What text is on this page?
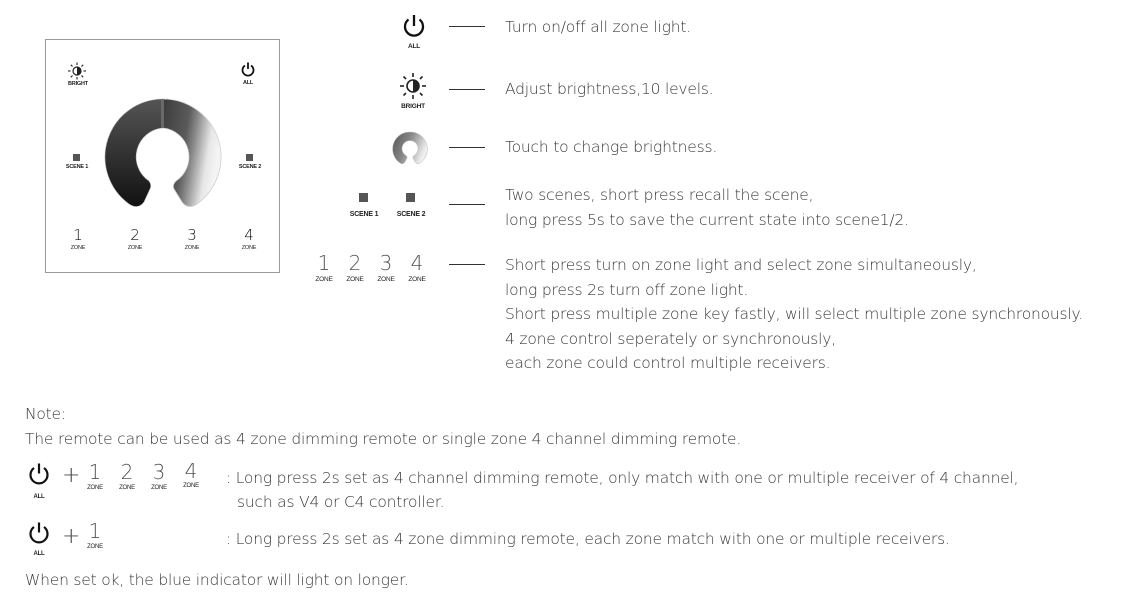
BRIGHT	ALL
SCENE 1	SCENE 2
1
ZONE
2
ZONE
3
ZONE
4
ZONE
ALL
Turn on/off all zone light.
BRIGHT
Adjust brightness,10 levels.
Touch to change brightness.
SCENE 1	SCENE 2
Two scenes, short press recall the scene,
long press 5s to save the current state into scene1/2.
1
ZONE
2
ZONE
3
ZONE
4
ZONE
Short press turn on zone light and select zone simultaneously,
long press 2s turn off zone light.
Short press multiple zone key fastly, will select multiple zone synchronously.
4 zone control seperately or synchronously,
each zone could control multiple receivers.
Note:
The remote can be used as 4 zone dimming remote or single zone 4 channel dimming remote.
ALL
+ 1
ZONE
2
ZONE
3
ZONE
4
ZONE : Long press 2s set as 4 channel dimming remote, only match with one or multiple receiver of 4 channel,
such as V4 or C4 controller.
ALL
+ 1
ZONE	: Long press 2s set as 4 zone dimming remote, each zone match with one or multiple receivers.
When set ok, the blue indicator will light on longer.
